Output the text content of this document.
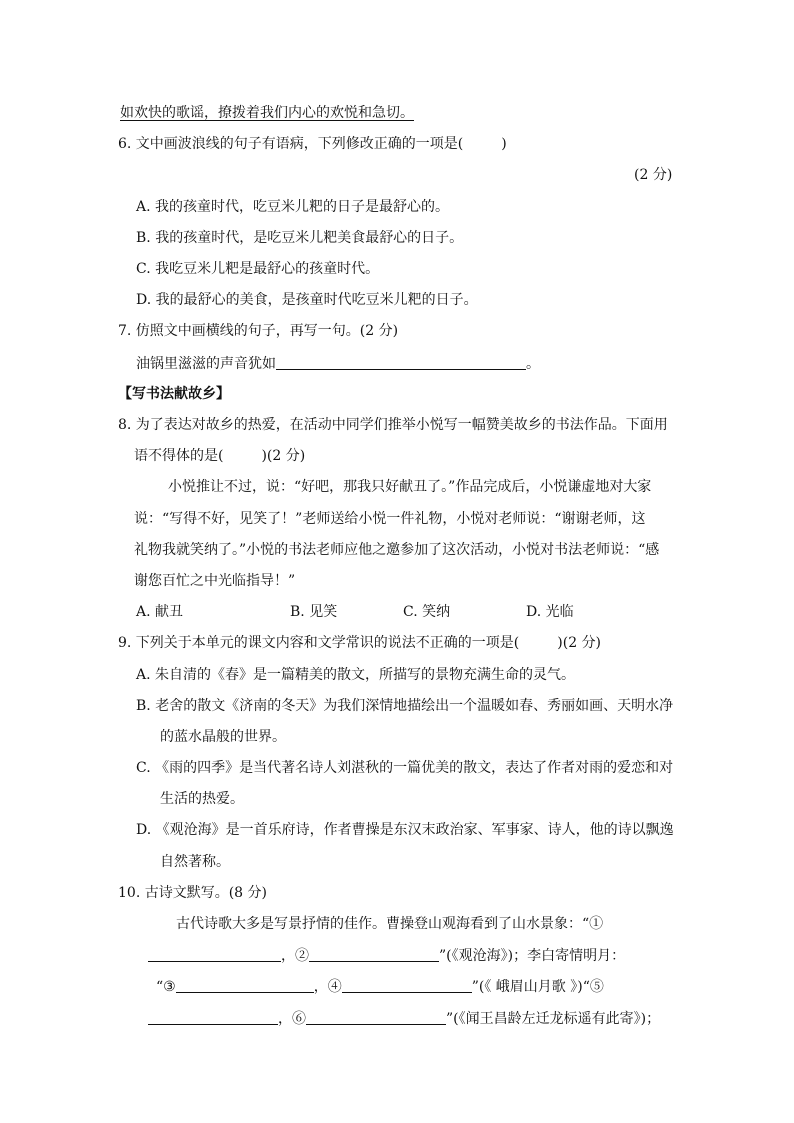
如欢快的歌谣，撩拨着我们内心的欢悦和急切。
6. 文中画波浪线的句子有语病，下列修改正确的一项是(	)
(2 分)
A. 我的孩童时代，吃豆米儿粑的日子是最舒心的。
B. 我的孩童时代，是吃豆米儿粑美食最舒心的日子。
C. 我吃豆米儿粑是最舒心的孩童时代。
D. 我的最舒心的美食，是孩童时代吃豆米儿粑的日子。
7. 仿照文中画横线的句子，再写一句。(2 分)
油锅里滋滋的声音犹如	。
【写书法献故乡】
8. 为了表达对故乡的热爱，在活动中同学们推举小悦写一幅赞美故乡的书法作品。下面用
语不得体的是(	)(2 分)
小悦推让不过，说：“好吧，那我只好献丑了。”作品完成后，小悦谦虚地对大家
说：“写得不好，见笑了！”老师送给小悦一件礼物，小悦对老师说：“谢谢老师，这
礼物我就笑纳了。”小悦的书法老师应他之邀参加了这次活动，小悦对书法老师说：“感
谢您百忙之中光临指导！”
A. 献丑	B. 见笑	C. 笑纳	D. 光临
9. 下列关于本单元的课文内容和文学常识的说法不正确的一项是(	)(2 分)
A. 朱自清的《春》是一篇精美的散文，所描写的景物充满生命的灵气。
B. 老舍的散文《济南的冬天》为我们深情地描绘出一个温暖如春、秀丽如画、天明水净
的蓝水晶般的世界。
C. 《雨的四季》是当代著名诗人刘湛秋的一篇优美的散文，表达了作者对雨的爱恋和对
生活的热爱。
D. 《观沧海》是一首乐府诗，作者曹操是东汉末政治家、军事家、诗人，他的诗以飘逸
自然著称。
10. 古诗文默写。(8 分)
古代诗歌大多是写景抒情的佳作。曹操登山观海看到了山水景象：“①
，②	”(《观沧海》)；李白寄情明月：
“③	，④	”(《 峨眉山月歌 》)“⑤
，⑥	”(《闻王昌龄左迁龙标遥有此寄》)；
